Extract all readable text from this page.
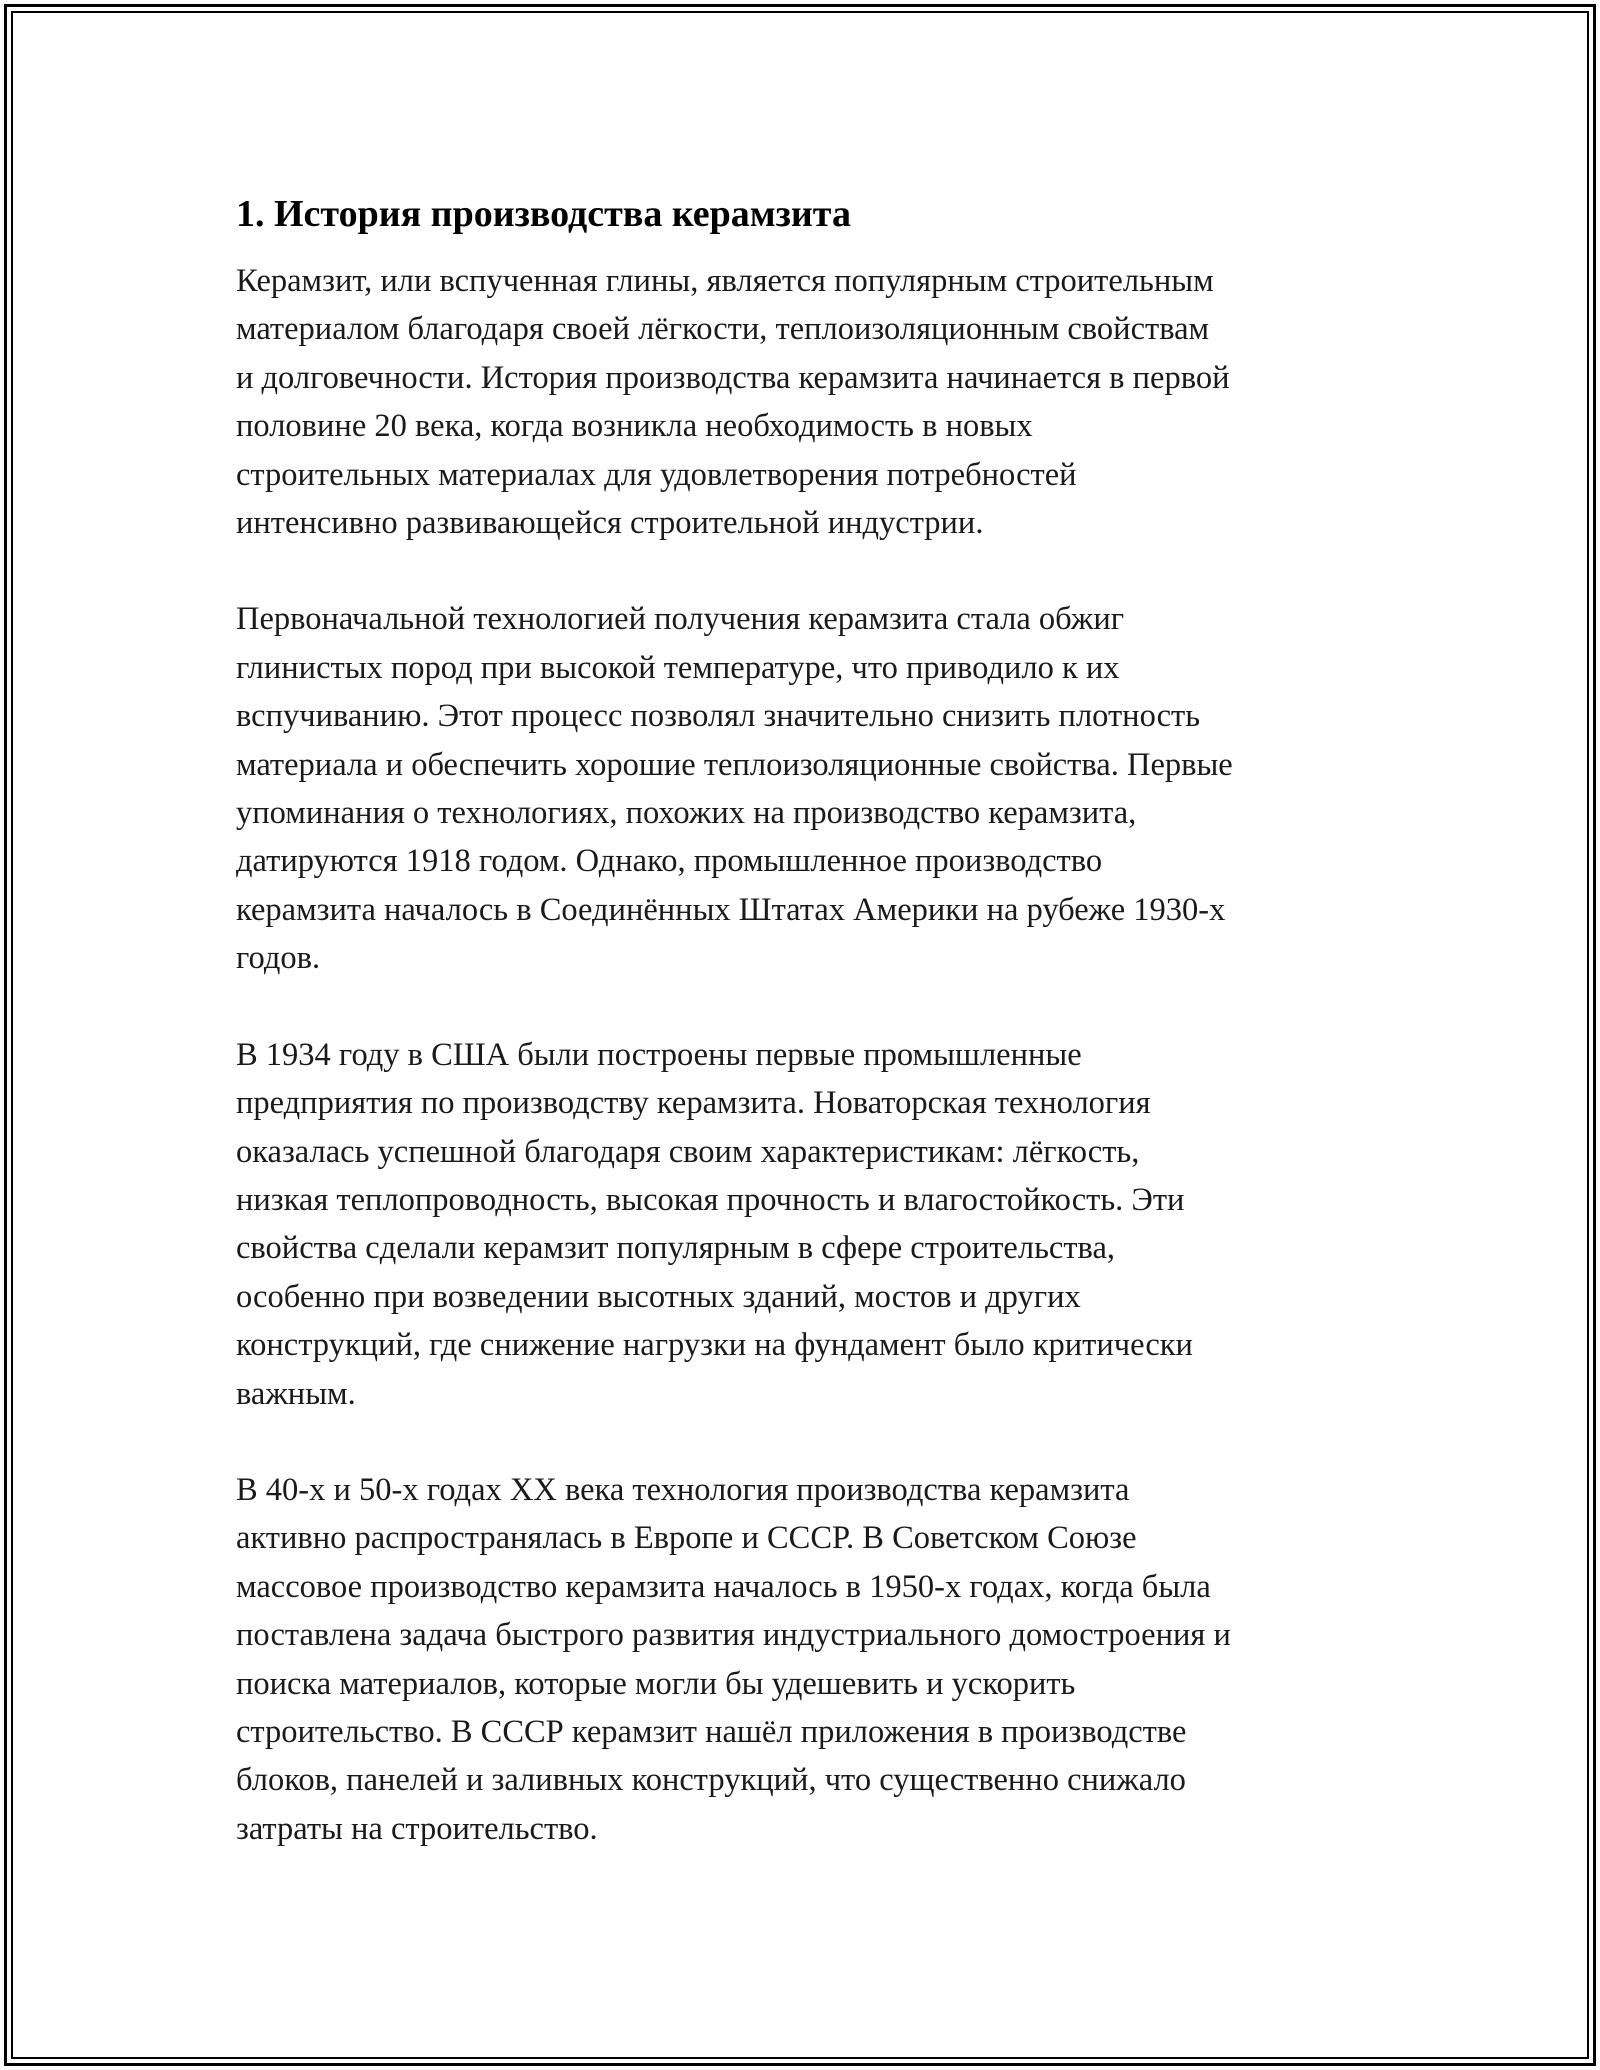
1. История производства керамзита
Керамзит, или вспученная глины, является популярным строительным
материалом благодаря своей лёгкости, теплоизоляционным свойствам
и долговечности. История производства керамзита начинается в первой
половине 20 века, когда возникла необходимость в новых
строительных материалах для удовлетворения потребностей
интенсивно развивающейся строительной индустрии.
Первоначальной технологией получения керамзита стала обжиг
глинистых пород при высокой температуре, что приводило к их
вспучиванию. Этот процесс позволял значительно снизить плотность
материала и обеспечить хорошие теплоизоляционные свойства. Первые
упоминания о технологиях, похожих на производство керамзита,
датируются 1918 годом. Однако, промышленное производство
керамзита началось в Соединённых Штатах Америки на рубеже 1930-х
годов.
В 1934 году в США были построены первые промышленные
предприятия по производству керамзита. Новаторская технология
оказалась успешной благодаря своим характеристикам: лёгкость,
низкая теплопроводность, высокая прочность и влагостойкость. Эти
свойства сделали керамзит популярным в сфере строительства,
особенно при возведении высотных зданий, мостов и других
конструкций, где снижение нагрузки на фундамент было критически
важным.
В 40-х и 50-х годах XX века технология производства керамзита
активно распространялась в Европе и СССР. В Советском Союзе
массовое производство керамзита началось в 1950-х годах, когда была
поставлена задача быстрого развития индустриального домостроения и
поиска материалов, которые могли бы удешевить и ускорить
строительство. В СССР керамзит нашёл приложения в производстве
блоков, панелей и заливных конструкций, что существенно снижало
затраты на строительство.
